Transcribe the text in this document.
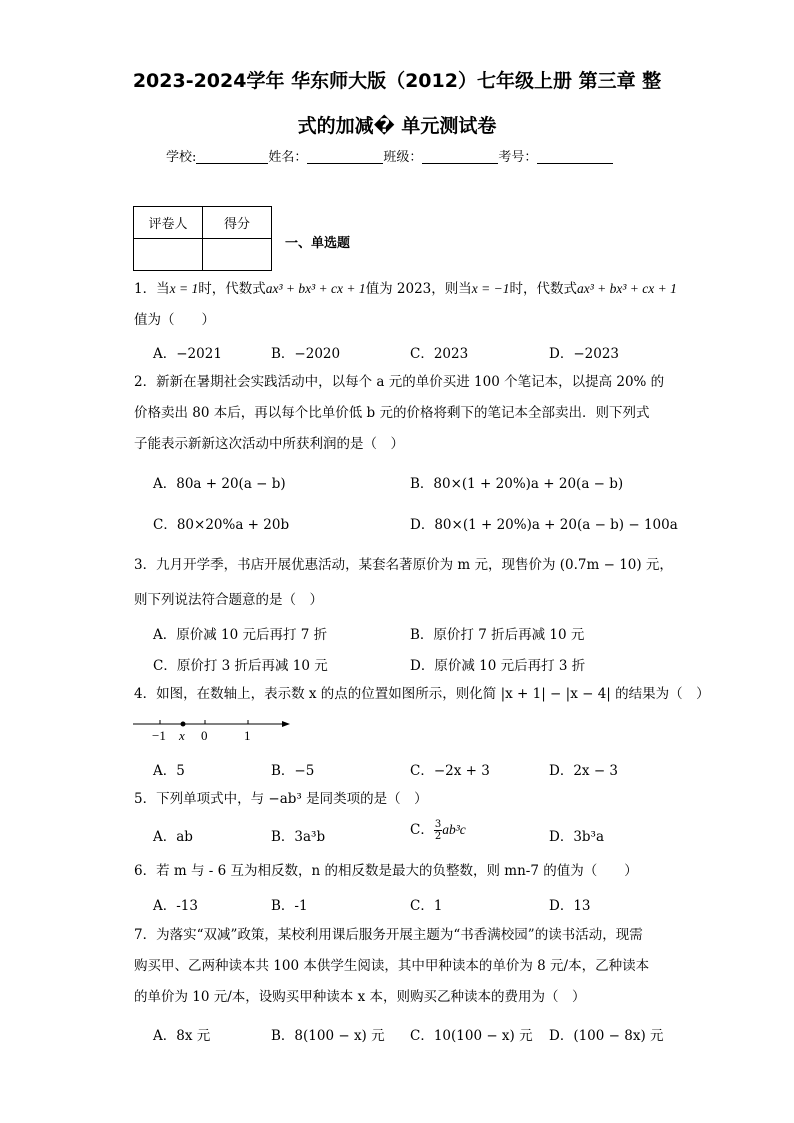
2023-2024学年 华东师大版（2012）七年级上册 第三章 整
式的加减� 单元测试卷
学校:	姓名：	班级：	考号：
评卷人	得分

一、单选题
1．当x = 1时，代数式ax³ + bx³ + cx + 1值为 2023，则当x = −1时，代数式ax³ + bx³ + cx + 1
值为（　　）
A．−2021	B．−2020	C．2023	D．−2023
2．新新在暑期社会实践活动中，以每个 a 元的单价买进 100 个笔记本，以提高 20% 的
价格卖出 80 本后，再以每个比单价低 b 元的价格将剩下的笔记本全部卖出．则下列式
子能表示新新这次活动中所获利润的是（　）
A．80a + 20(a − b)	B．80×(1 + 20%)a + 20(a − b)
C．80×20%a + 20b	D．80×(1 + 20%)a + 20(a − b) − 100a
3．九月开学季，书店开展优惠活动，某套名著原价为 m 元，现售价为 (0.7m − 10) 元，
则下列说法符合题意的是（　）
A．原价减 10 元后再打 7 折	B．原价打 7 折后再减 10 元
C．原价打 3 折后再减 10 元	D．原价减 10 元后再打 3 折
4．如图，在数轴上，表示数 x 的点的位置如图所示，则化简 |x + 1| − |x − 4| 的结果为（　）
−1 x 0	1
A．5	B．−5	C．−2x + 3	D．2x − 3
5．下列单项式中，与 −ab³ 是同类项的是（　）
A．ab	B．3a³b	C． $\frac{3}{2} ab^3c$	D．3b³a
6．若 m 与 - 6 互为相反数，n 的相反数是最大的负整数，则 mn-7 的值为（　　）
A．-13	B．-1	C．1	D．13
7．为落实“双减”政策，某校利用课后服务开展主题为“书香满校园”的读书活动，现需
购买甲、乙两种读本共 100 本供学生阅读，其中甲种读本的单价为 8 元/本，乙种读本
的单价为 10 元/本，设购买甲种读本 x 本，则购买乙种读本的费用为（　）
A．8x 元	B．8(100 − x) 元 C．10(100 − x) 元 D．(100 − 8x) 元
